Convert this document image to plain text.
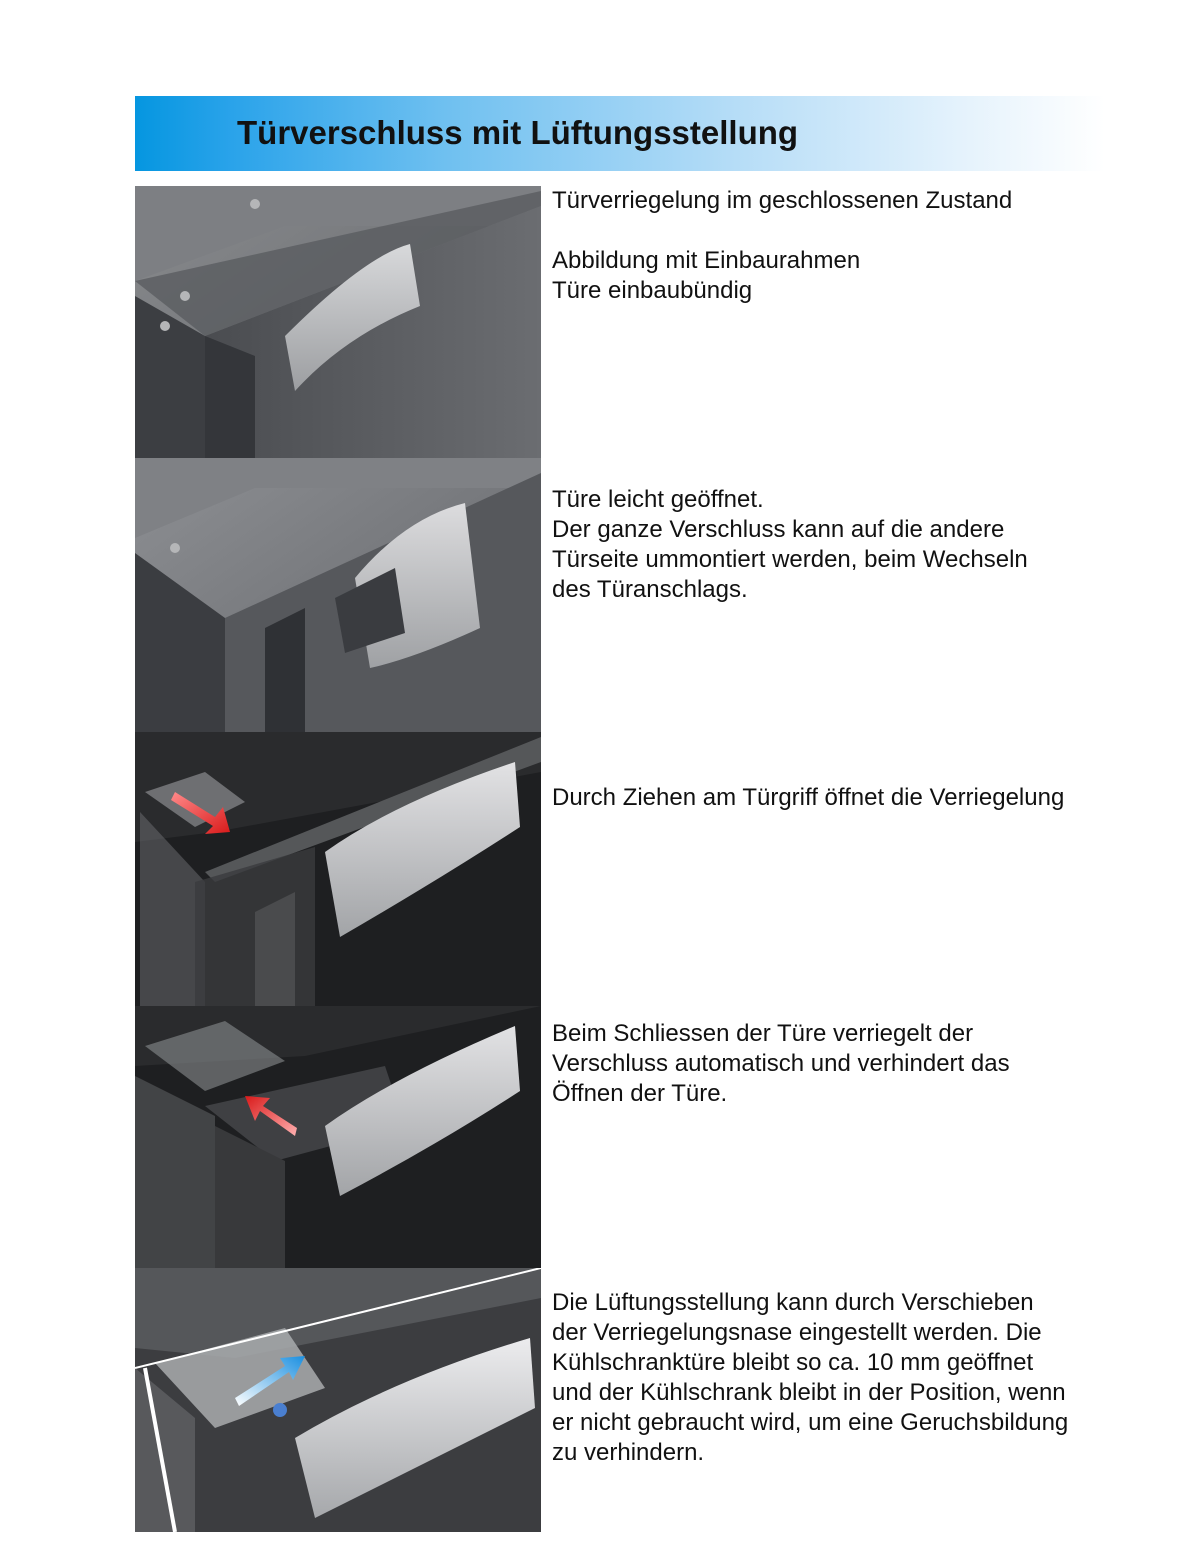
Türverschluss mit Lüftungsstellung

Türverriegelung im geschlossenen Zustand

Abbildung mit Einbaurahmen

Türe einbaubündig

Türe leicht geöffnet.

Der ganze Verschluss kann auf die andere

Türseite ummontiert werden, beim Wechseln

des Türanschlags.

Durch Ziehen am Türgriff öffnet die Verriegelung

Beim Schliessen der Türe verriegelt der

Verschluss automatisch und verhindert das

Öffnen der Türe.

Die Lüftungsstellung kann durch Verschieben

der Verriegelungsnase eingestellt werden. Die

Kühlschranktüre bleibt so ca. 10 mm geöffnet

und der Kühlschrank bleibt in der Position, wenn

er nicht gebraucht wird, um eine Geruchsbildung

zu verhindern.
